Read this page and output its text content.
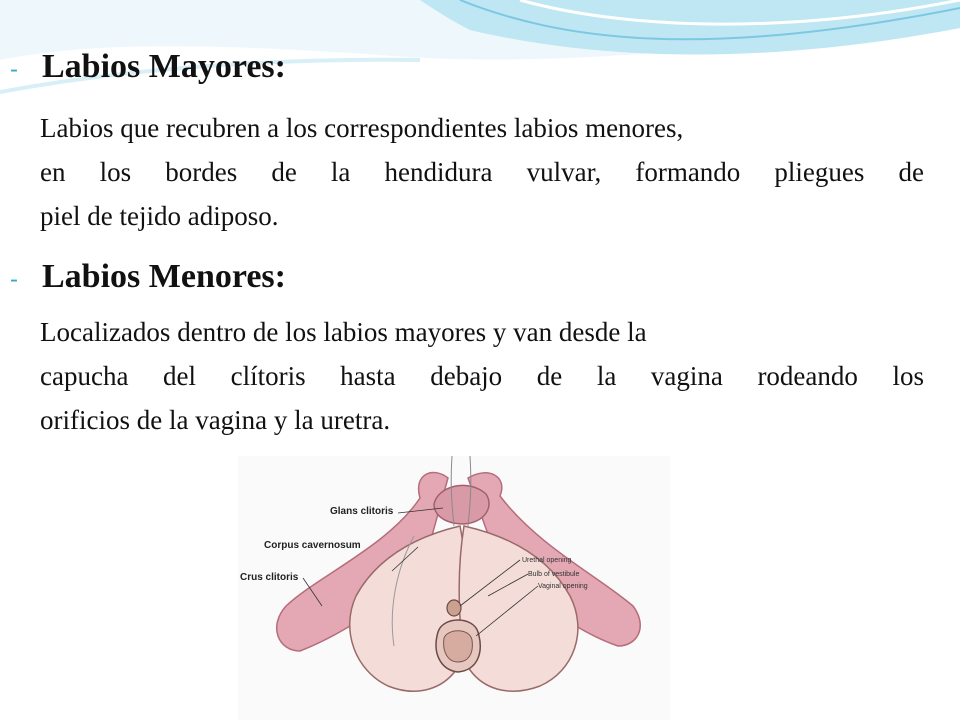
- Labios Mayores:

Labios que recubren a los correspondientes labios menores,
en los bordes de la hendidura vulvar, formando pliegues de
piel de tejido adiposo.

- Labios Menores:

Localizados dentro de los labios mayores y van desde la
capucha del clítoris hasta debajo de la vagina rodeando los
orificios de la vagina y la uretra.

Glans clitoris
Corpus cavernosum
Crus clitoris
Urethal opening
Bulb of vestibule
Vaginal opening
